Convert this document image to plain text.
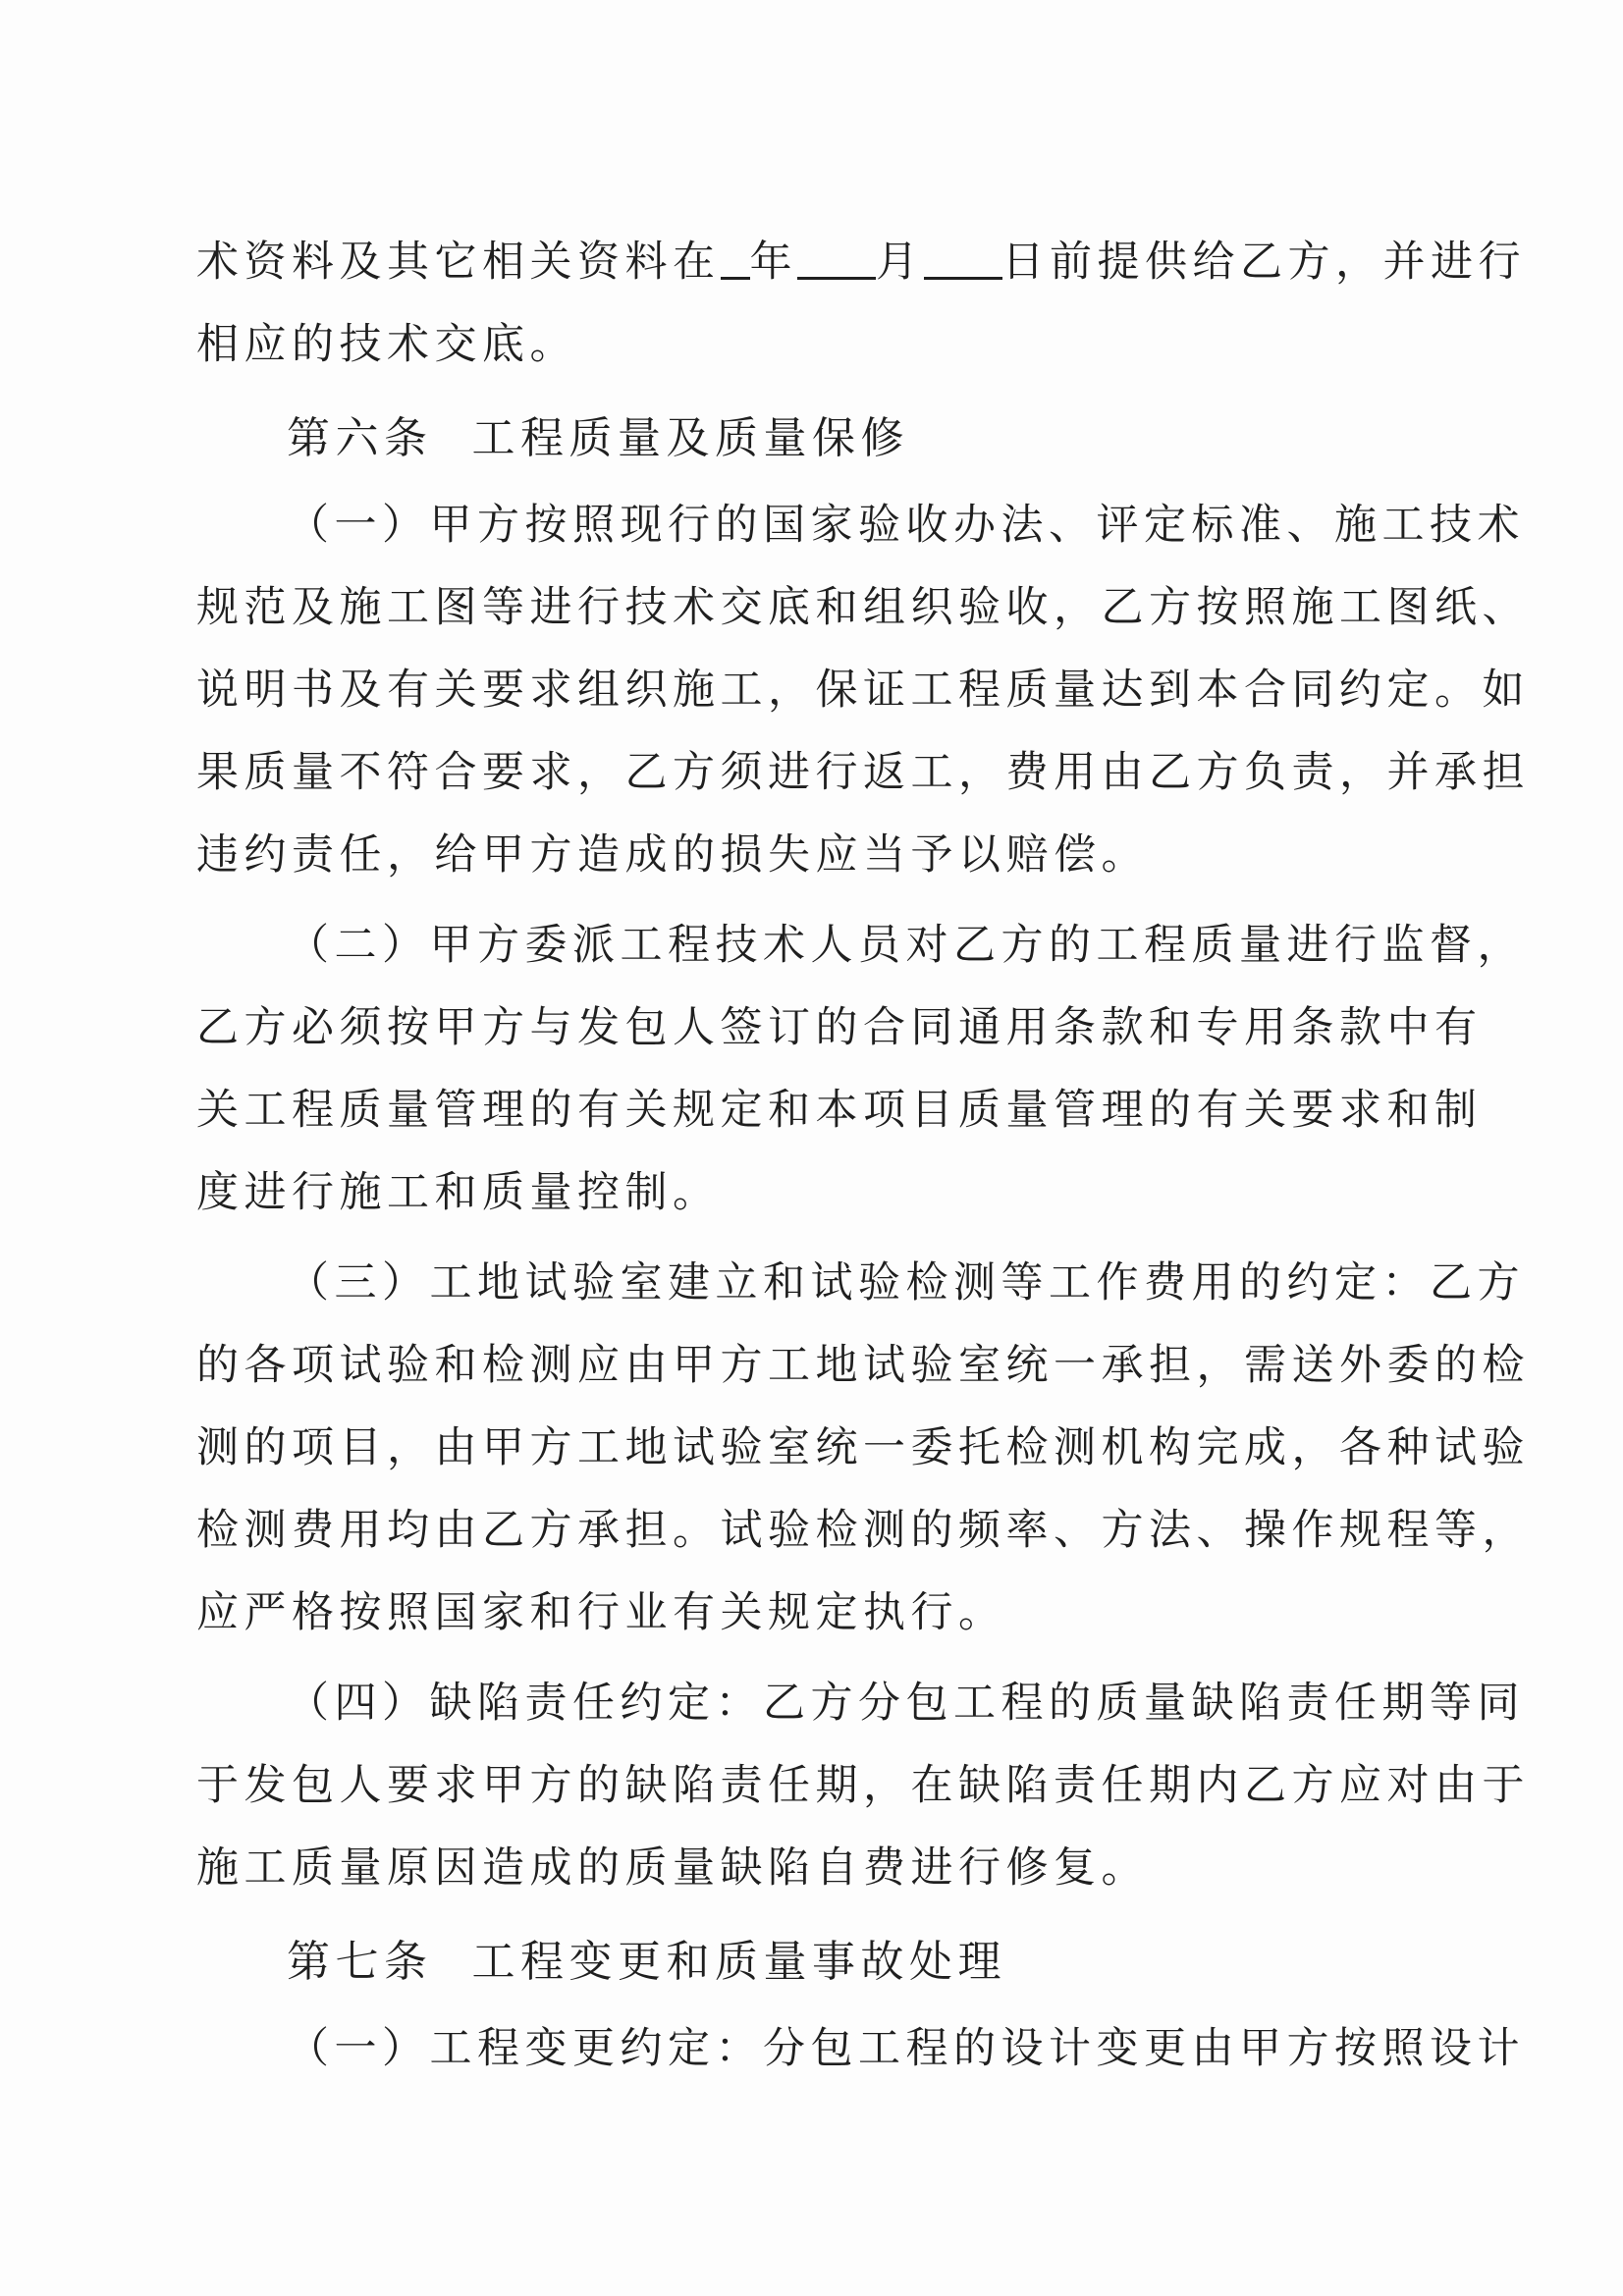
术资料及其它相关资料在 年 月 日前提供给乙方，并进行
相应的技术交底。
第六条 工程质量及质量保修
（一）甲方按照现行的国家验收办法、评定标准、施工技术
规范及施工图等进行技术交底和组织验收，乙方按照施工图纸、
说明书及有关要求组织施工，保证工程质量达到本合同约定。如
果质量不符合要求，乙方须进行返工，费用由乙方负责，并承担
违约责任，给甲方造成的损失应当予以赔偿。
（二）甲方委派工程技术人员对乙方的工程质量进行监督，
乙方必须按甲方与发包人签订的合同通用条款和专用条款中有
关工程质量管理的有关规定和本项目质量管理的有关要求和制
度进行施工和质量控制。
（三）工地试验室建立和试验检测等工作费用的约定：乙方
的各项试验和检测应由甲方工地试验室统一承担，需送外委的检
测的项目，由甲方工地试验室统一委托检测机构完成，各种试验
检测费用均由乙方承担。试验检测的频率、方法、操作规程等，
应严格按照国家和行业有关规定执行。
（四）缺陷责任约定：乙方分包工程的质量缺陷责任期等同
于发包人要求甲方的缺陷责任期，在缺陷责任期内乙方应对由于
施工质量原因造成的质量缺陷自费进行修复。
第七条 工程变更和质量事故处理
（一）工程变更约定：分包工程的设计变更由甲方按照设计
